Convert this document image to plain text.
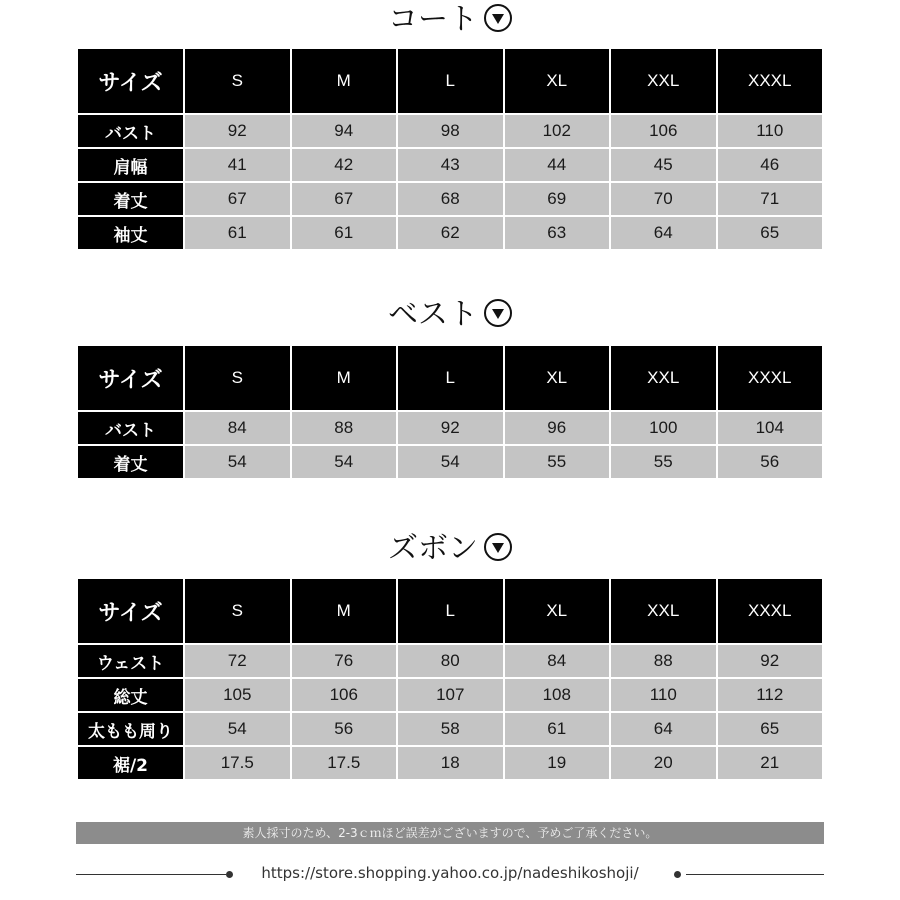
コート
サイズ	S	M	L	XL	XXL	XXXL
バスト	92	94	98	102	106	110
肩幅	41	42	43	44	45	46
着丈	67	67	68	69	70	71
袖丈	61	61	62	63	64	65
ベスト
サイズ	S	M	L	XL	XXL	XXXL
バスト	84	88	92	96	100	104
着丈	54	54	54	55	55	56
ズボン
サイズ	S	M	L	XL	XXL	XXXL
ウェスト	72	76	80	84	88	92
総丈	105	106	107	108	110	112
太もも周り	54	56	58	61	64	65
裾/2	17.5	17.5	18	19	20	21
素人採寸のため、2-3ｃｍほど誤差がございますので、予めご了承ください。
https://store.shopping.yahoo.co.jp/nadeshikoshoji/
